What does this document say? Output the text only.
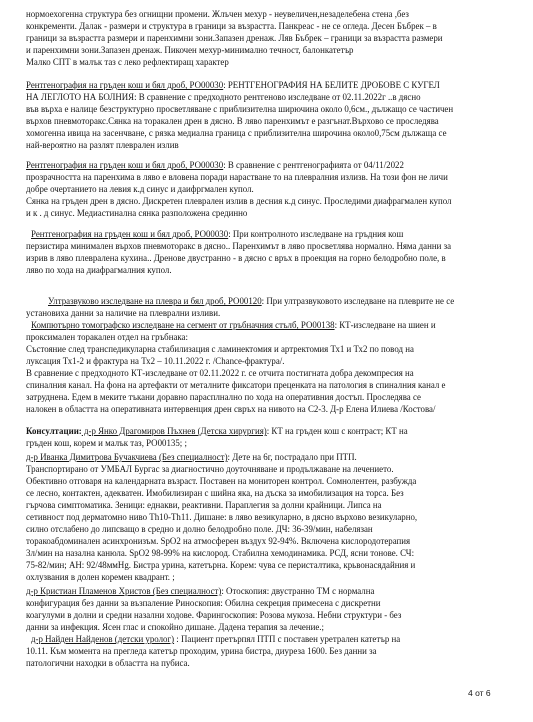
нормоехогенна структура без огнищни промени. Жлъчен мехур - неувеличен,незаделебена стена ,без
конкременти. Далак - размери и структура в граници за възрастта. Панкреас - не се огледа. Десен Бъбрек – в
граници за възрастта размери и паренхимни зони.Запазен дренаж. Ляв Бъбрек – граници за възрастта размери
и паренхимни зони.Запазен дренаж. Пикочен мехур-минимално течност, балонкатетър
Малко СПТ в малък таз с леко рефлектиращ характер
Рентгенография на гръден кош и бял дроб, РО00030: РЕНТГЕНОГРАФИЯ НА БЕЛИТЕ ДРОБОВЕ С КУГЕЛ
НА ЛЕГЛОТО НА БОЛНИЯ: В сравнение с предходното рентгеново изследване от 02.11.2022г ..в дясно
във върха е налице безструктурно просветляване с приблизителна ширючина около 0,6см., дължащо се частичен
върхов пневмоторакс.Сянка на торакален дрен в дясно. В ляво паренхимът е разгънат.Върхово се проследява
хомогенна ивица на засенчване, с рязка медиална граница с приблизителна широчина около0,75см дължаща се
най-вероятно на разлят плеврален излив
Рентгенография на гръден кош и бял дроб, РО00030: В сравнение с рентгенографията от 04/11/2022
прозрачността на паренхима в ляво е вловена поради нарастване то на плевралния излизв. На този фон не личи
добре очертанието на левия к.д синус и даифргмален купол.
Сянка на гръден дрен в дясно. Дискретен плеврален излив в десния к.д синус. Проследими диафрагмален купол
и к . д синус. Медиастинална сянка разположена срединно
Рентгенография на гръден кош и бял дроб, РО00030: При контролното изследване на гръдния кош
перзистира минимален върхов пневмоторакс в дясно.. Паренхимът в ляво просветлява нормално. Няма данни за
изрив в ляво плевралена кухина.. Дренове двустранно - в дясно с връх в проекция на горно белодробно поле, в
ляво по хода на диафрагмалния купол.
Ултразвуково изследване на плевра и бял дроб, РО00120: При ултразвуковото изследване на плеврите не се
установиха данни за наличие на плеврални изливи.
Компютърно томографско изследване на сегмент от гръбначния стълб, РО00138: КТ-изследване на шиен и
проксимален торакален отдел на гръбнака:
Състояние след транспедикуларна стабилизация с ламинектомия и артректомия Тх1 и Тх2 по повод на
луксация Тх1-2 и фрактура на Тх2 – 10.11.2022 г. /Chance-фрактура/.
В сравнение с предходното КТ-изследване от 02.11.2022 г. се отчита постигната добра декомпресия на
спиналния канал. На фона на артефакти от металните фиксатори преценката на патология в спиналния канал е
затруднена. Едем в меките тъкани доравно парасплнално по хода на оперативния достъп. Проследява се
налокен в областта на оперативната интервенция дрен свръх на нивото на С2-3. Д-р Елена Илиева /Костова/
Консултации: д-р Янко Драгомиров Пъхнев (Детска хирургия): КТ на гръден кош с контраст; КТ на
гръден кош, корем и малък таз, РО00135; ;
д-р Иванка Димитрова Бучакчиева (Без специалност): Дете на 6г, пострадало при ПТП.
Транспортирано от УМБАЛ Бургас за диагностично доуточняване и продължаване на лечението.
Обективно отговаря на календарната възраст. Поставен на мониторен контрол. Сомнолентен, разбужда
се лесно, контактен, адекватен. Имобилизиран с шийна яка, на дъска за имобилизация на торса. Без
гърчова симптоматика. Зеници: еднакви, реактивни. Параплегия за долни крайници. Липса на
сетивност под дерматомно ниво Тh10-Th11. Дишане: в ляво везикуларно, в дясно върхово везикуларно,
силно отслабено до липсващо в средно и долно белодробно поле. ДЧ: 36-39/мин, набелязан
торакоабдоминален асинхронизъм. SpO2 на атмосферен въздух 92-94%. Включена кислородотерапия
3л/мин на назална канюла. SpO2 98-99% на кислород. Стабилна хемодинамика. РСД, ясни тонове. СЧ:
75-82/мин; АН: 92/48ммHg. Бистра урина, катетърна. Корем: чува се перисталтика, крьвонасядайния и
охлузвания в долен коремен квадрант. ;
д-р Кристиан Пламенов Христов (Без специалност): Отоскопия: двустранно ТМ с нормална
конфигурация без данни за възпаление Риноскопия: Обилна секреция примесена с дискретни
коагулуми в долни и средни назални ходове. Фарингоскопия: Розова мукоза. Небни структури - без
данни за инфекция. Ясен глас и спокойно дишане. Дадена терапия за лечение.;
д-р Найден Найденов (детски уролог) : Пациент претърпял ПТП с поставен уретрален катетър на
10.11. Към момента на прегледа катетър проходим, урина бистра, диуреза 1600. Без данни за
патологични находки в областта на пубиса.
4 от 6
